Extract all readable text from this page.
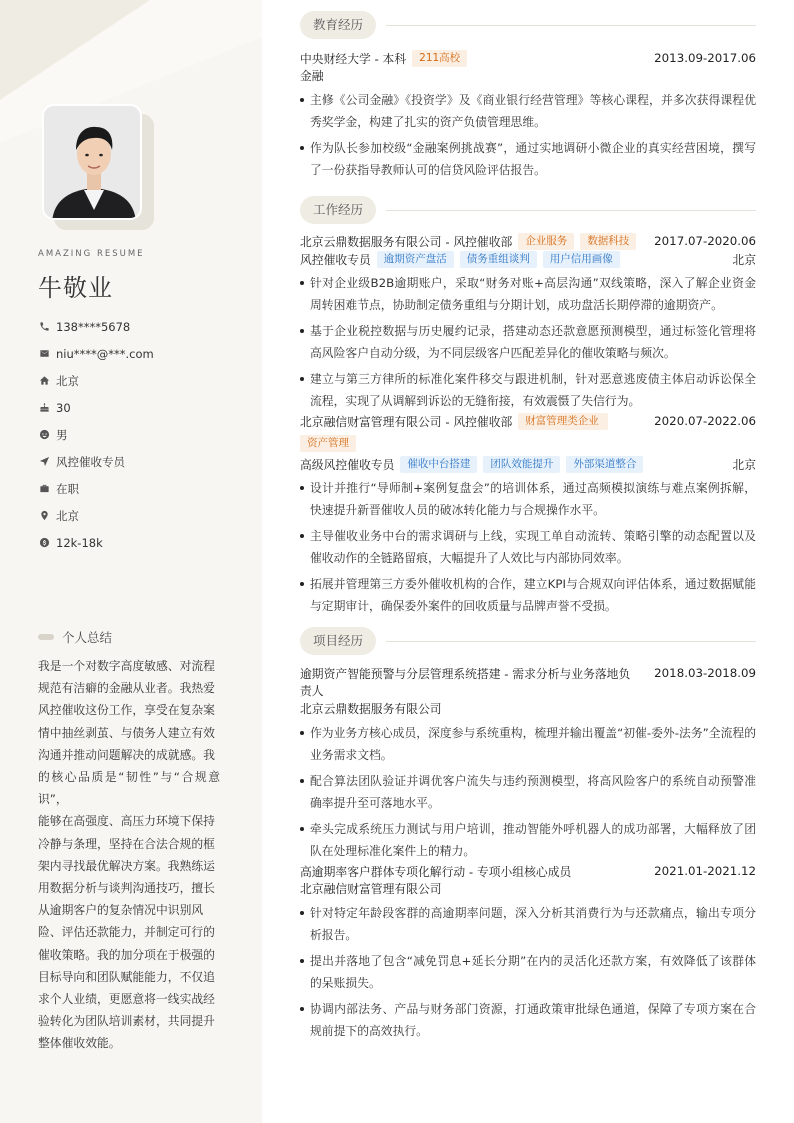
AMAZING RESUME
牛敬业
138****5678
niu****@***.com
北京
30
男
风控催收专员
在职
北京
12k-18k
个人总结
我是一个对数字高度敏感、对流程
规范有洁癖的金融从业者。我热爱
风控催收这份工作，享受在复杂案
情中抽丝剥茧、与债务人建立有效
沟通并推动问题解决的成就感。我
的核心品质是“韧性”与“合规意识”，
能够在高强度、高压力环境下保持
冷静与条理，坚持在合法合规的框
架内寻找最优解决方案。我熟练运
用数据分析与谈判沟通技巧，擅长
从逾期客户的复杂情况中识别风
险、评估还款能力，并制定可行的
催收策略。我的加分项在于极强的
目标导向和团队赋能能力，不仅追
求个人业绩，更愿意将一线实战经
验转化为团队培训素材，共同提升
整体催收效能。
教育经历
中央财经大学 - 本科	211高校	2013.09-2017.06
金融
主修《公司金融》《投资学》及《商业银行经营管理》等核心课程，并多次获得课程优秀奖学金，构建了扎实的资产负债管理思维。
作为队长参加校级“金融案例挑战赛”，通过实地调研小微企业的真实经营困境，撰写了一份获指导教师认可的信贷风险评估报告。
工作经历
北京云鼎数据服务有限公司 - 风控催收部	企业服务	数据科技	2017.07-2020.06
风控催收专员	逾期资产盘活	债务重组谈判	用户信用画像	北京
针对企业级B2B逾期账户，采取“财务对账+高层沟通”双线策略，深入了解企业资金周转困难节点，协助制定债务重组与分期计划，成功盘活长期停滞的逾期资产。
基于企业税控数据与历史履约记录，搭建动态还款意愿预测模型，通过标签化管理将高风险客户自动分级，为不同层级客户匹配差异化的催收策略与频次。
建立与第三方律所的标准化案件移交与跟进机制，针对恶意逃废债主体启动诉讼保全流程，实现了从调解到诉讼的无缝衔接，有效震慑了失信行为。
北京融信财富管理有限公司 - 风控催收部	财富管理类企业	2020.07-2022.06
资产管理
高级风控催收专员	催收中台搭建	团队效能提升	外部渠道整合	北京
设计并推行“导师制+案例复盘会”的培训体系，通过高频模拟演练与难点案例拆解，快速提升新晋催收人员的破冰转化能力与合规操作水平。
主导催收业务中台的需求调研与上线，实现工单自动流转、策略引擎的动态配置以及催收动作的全链路留痕，大幅提升了人效比与内部协同效率。
拓展并管理第三方委外催收机构的合作，建立KPI与合规双向评估体系，通过数据赋能与定期审计，确保委外案件的回收质量与品牌声誉不受损。
项目经历
逾期资产智能预警与分层管理系统搭建 - 需求分析与业务落地负 2018.03-2018.09
责人
北京云鼎数据服务有限公司
作为业务方核心成员，深度参与系统重构，梳理并输出覆盖“初催-委外-法务”全流程的业务需求文档。
配合算法团队验证并调优客户流失与违约预测模型，将高风险客户的系统自动预警准确率提升至可落地水平。
牵头完成系统压力测试与用户培训，推动智能外呼机器人的成功部署，大幅释放了团队在处理标准化案件上的精力。
高逾期率客户群体专项化解行动 - 专项小组核心成员	2021.01-2021.12
北京融信财富管理有限公司
针对特定年龄段客群的高逾期率问题，深入分析其消费行为与还款痛点，输出专项分析报告。
提出并落地了包含“减免罚息+延长分期”在内的灵活化还款方案，有效降低了该群体的呆账损失。
协调内部法务、产品与财务部门资源，打通政策审批绿色通道，保障了专项方案在合规前提下的高效执行。
